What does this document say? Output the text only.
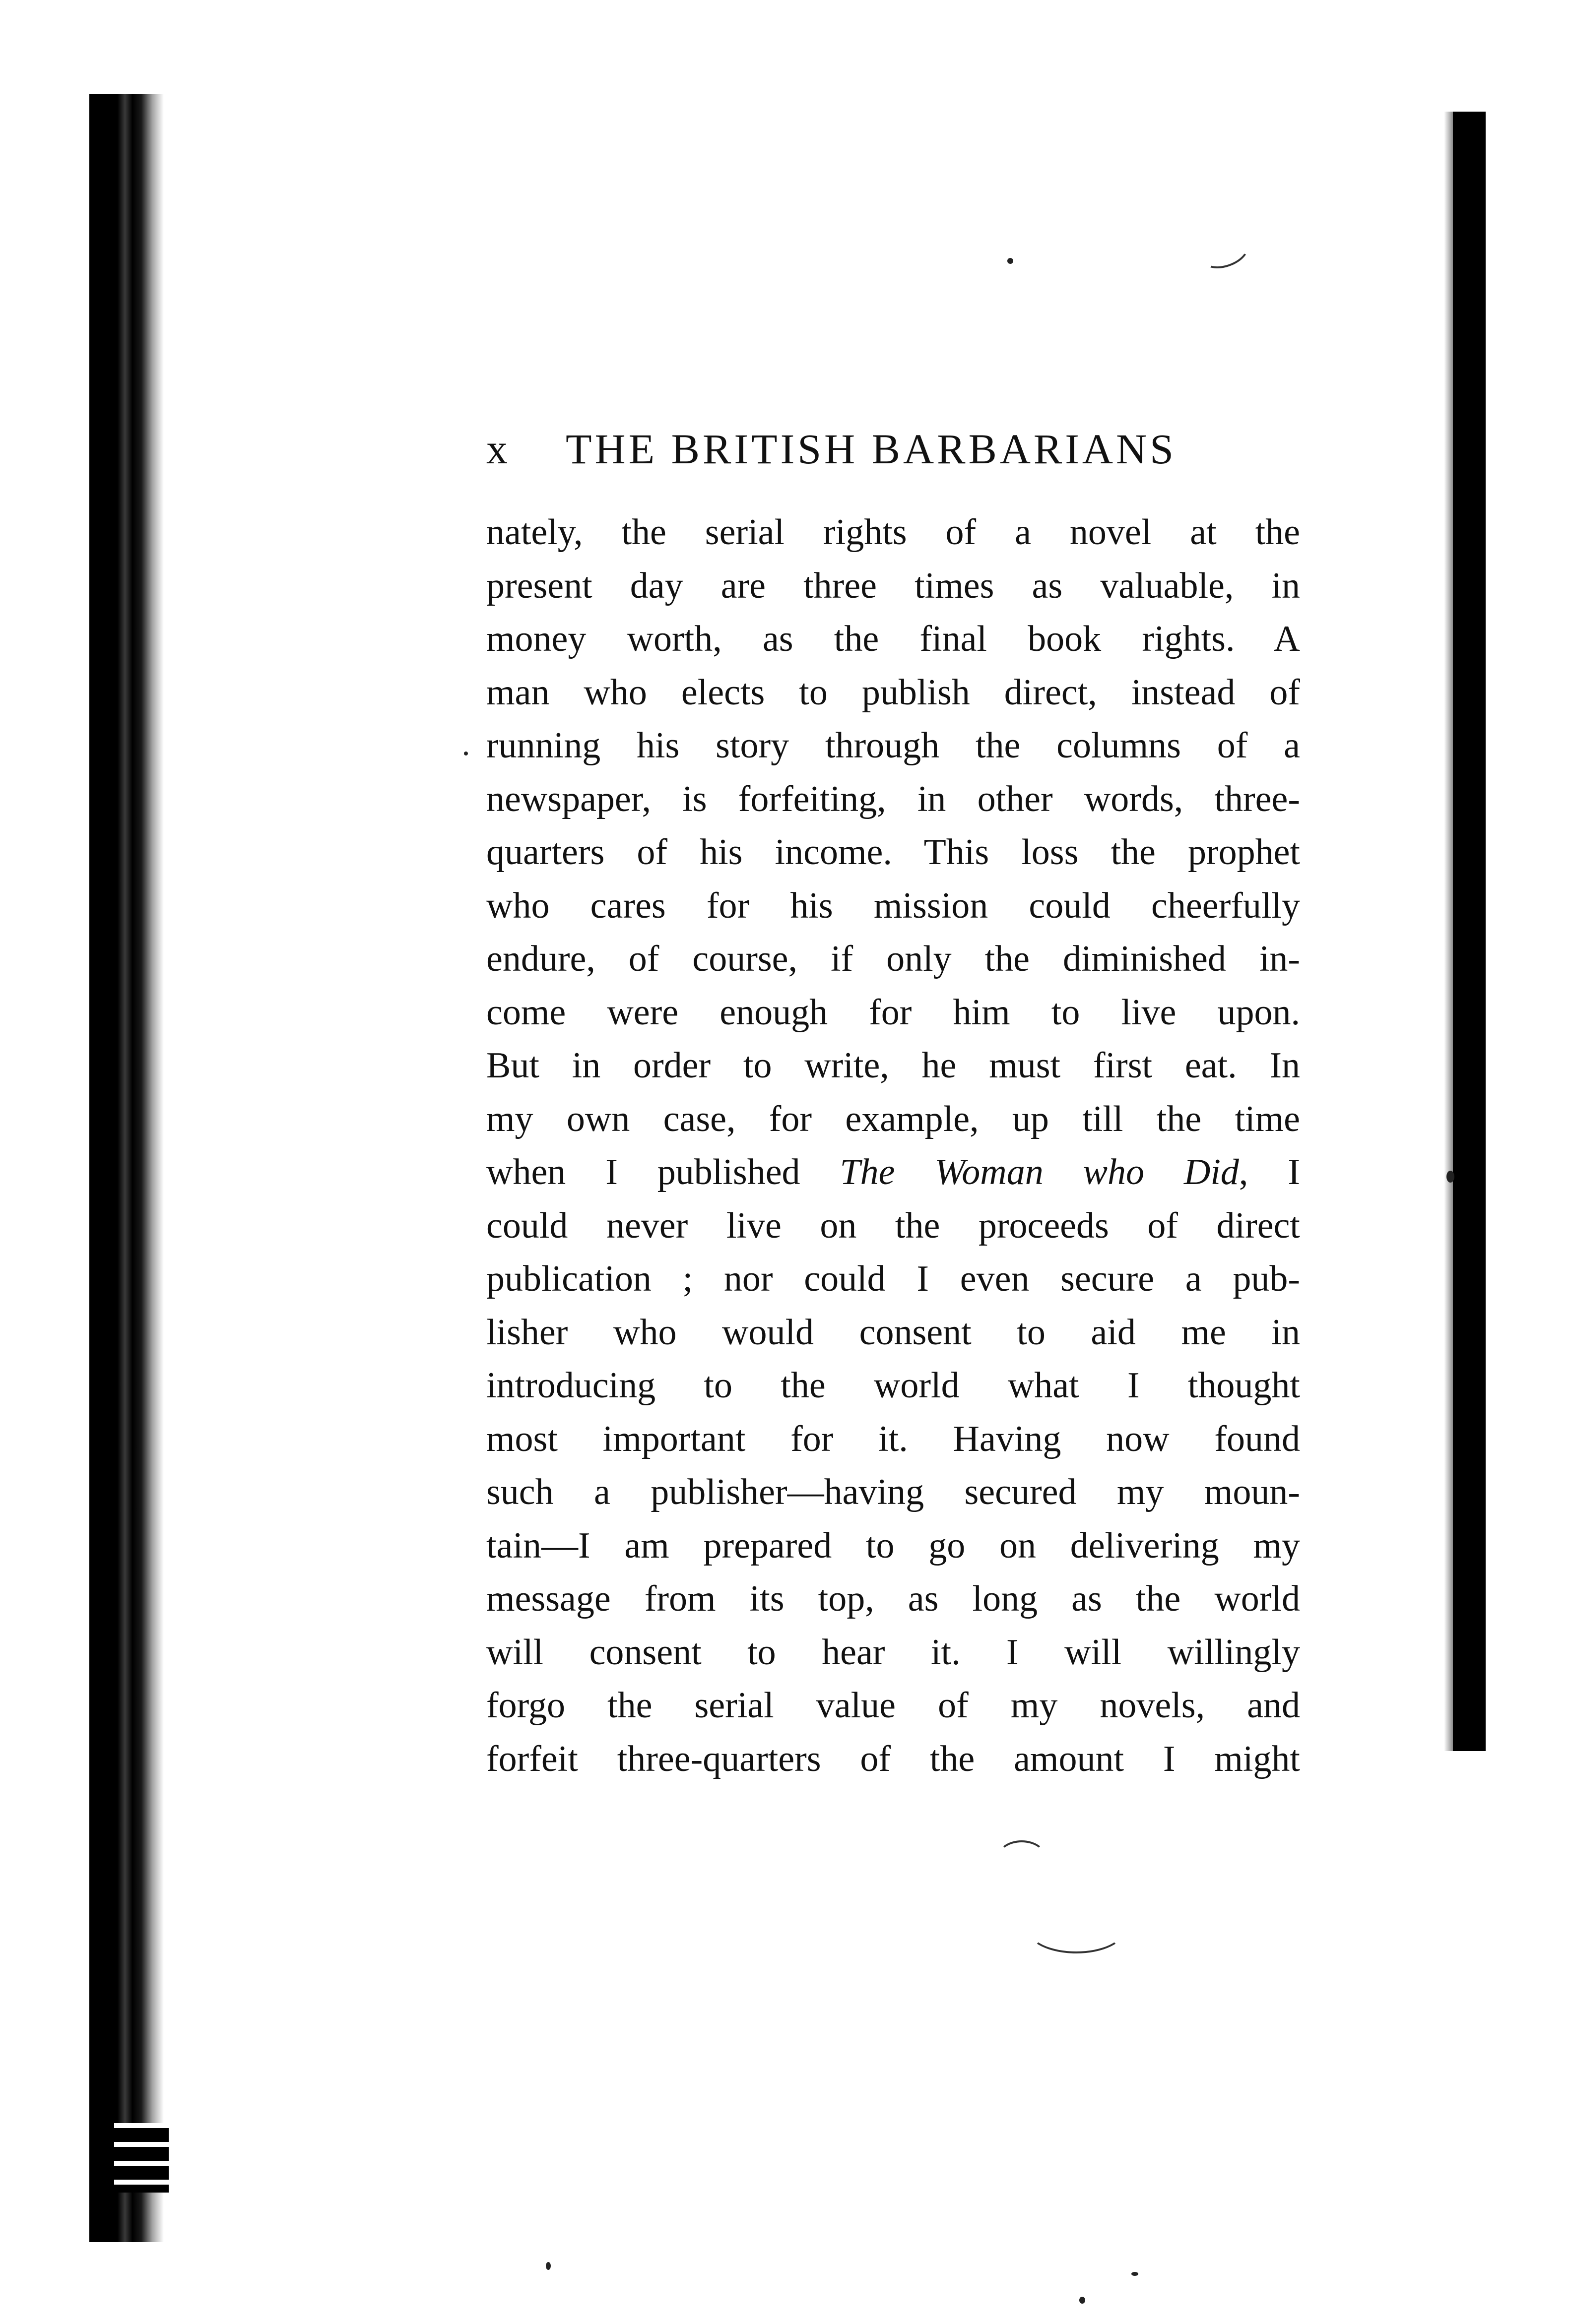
x THE BRITISH BARBARIANS
nately, the serial rights of a novel at the
present day are three times as valuable, in
money worth, as the final book rights. A
man who elects to publish direct, instead of
running his story through the columns of a
newspaper, is forfeiting, in other words, three-
quarters of his income. This loss the prophet
who cares for his mission could cheerfully
endure, of course, if only the diminished in-
come were enough for him to live upon.
But in order to write, he must first eat. In
my own case, for example, up till the time
when I published The Woman who Did, I
could never live on the proceeds of direct
publication ; nor could I even secure a pub-
lisher who would consent to aid me in
introducing to the world what I thought
most important for it. Having now found
such a publisher—having secured my moun-
tain—I am prepared to go on delivering my
message from its top, as long as the world
will consent to hear it. I will willingly
forgo the serial value of my novels, and
forfeit three-quarters of the amount I might
